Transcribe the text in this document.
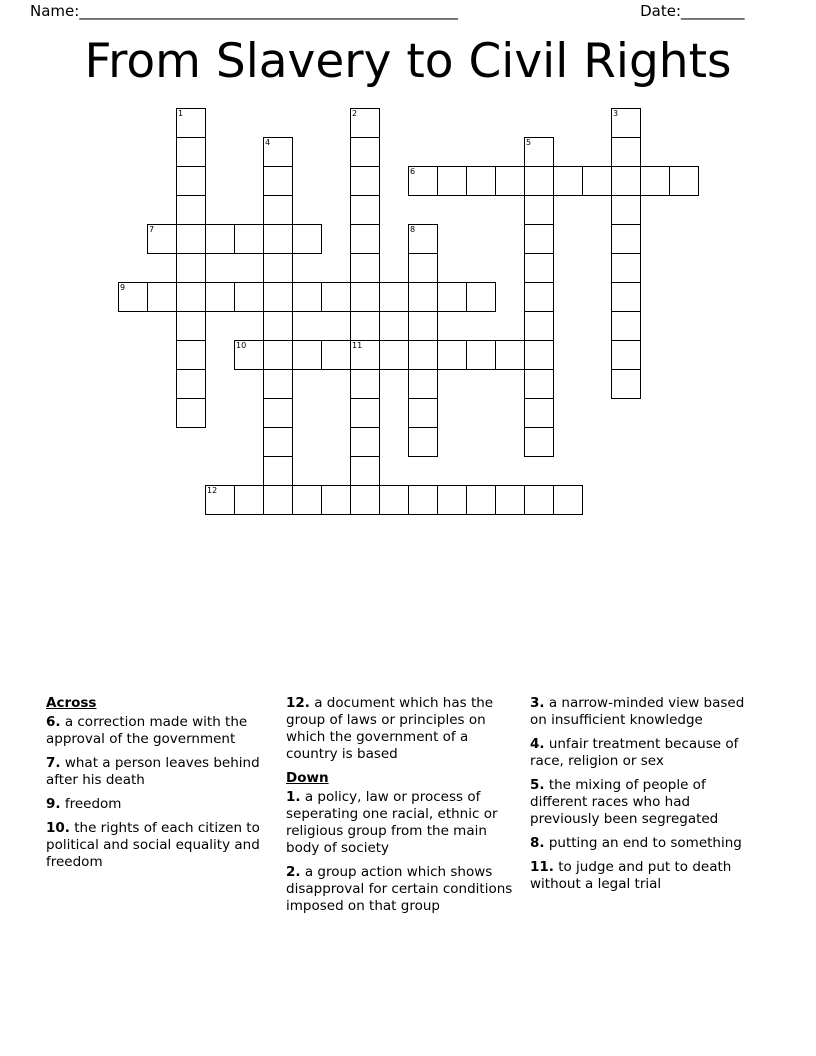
Name: ______________________________________________________	Date: _________
From Slavery to Civil Rights
1	2	3
4	5
6
7	8
9
10	11
12
Across

6. a correction made with the approval of the government

7. what a person leaves behind after his death

9. freedom

10. the rights of each citizen to political and social equality and freedom

12. a document which has the group of laws or principles on which the government of a country is based

Down

1. a policy, law or process of seperating one racial, ethnic or religious group from the main body of society

2. a group action which shows disapproval for certain conditions imposed on that group

3. a narrow-minded view based on insufficient knowledge

4. unfair treatment because of race, religion or sex

5. the mixing of people of different races who had previously been segregated

8. putting an end to something

11. to judge and put to death without a legal trial
